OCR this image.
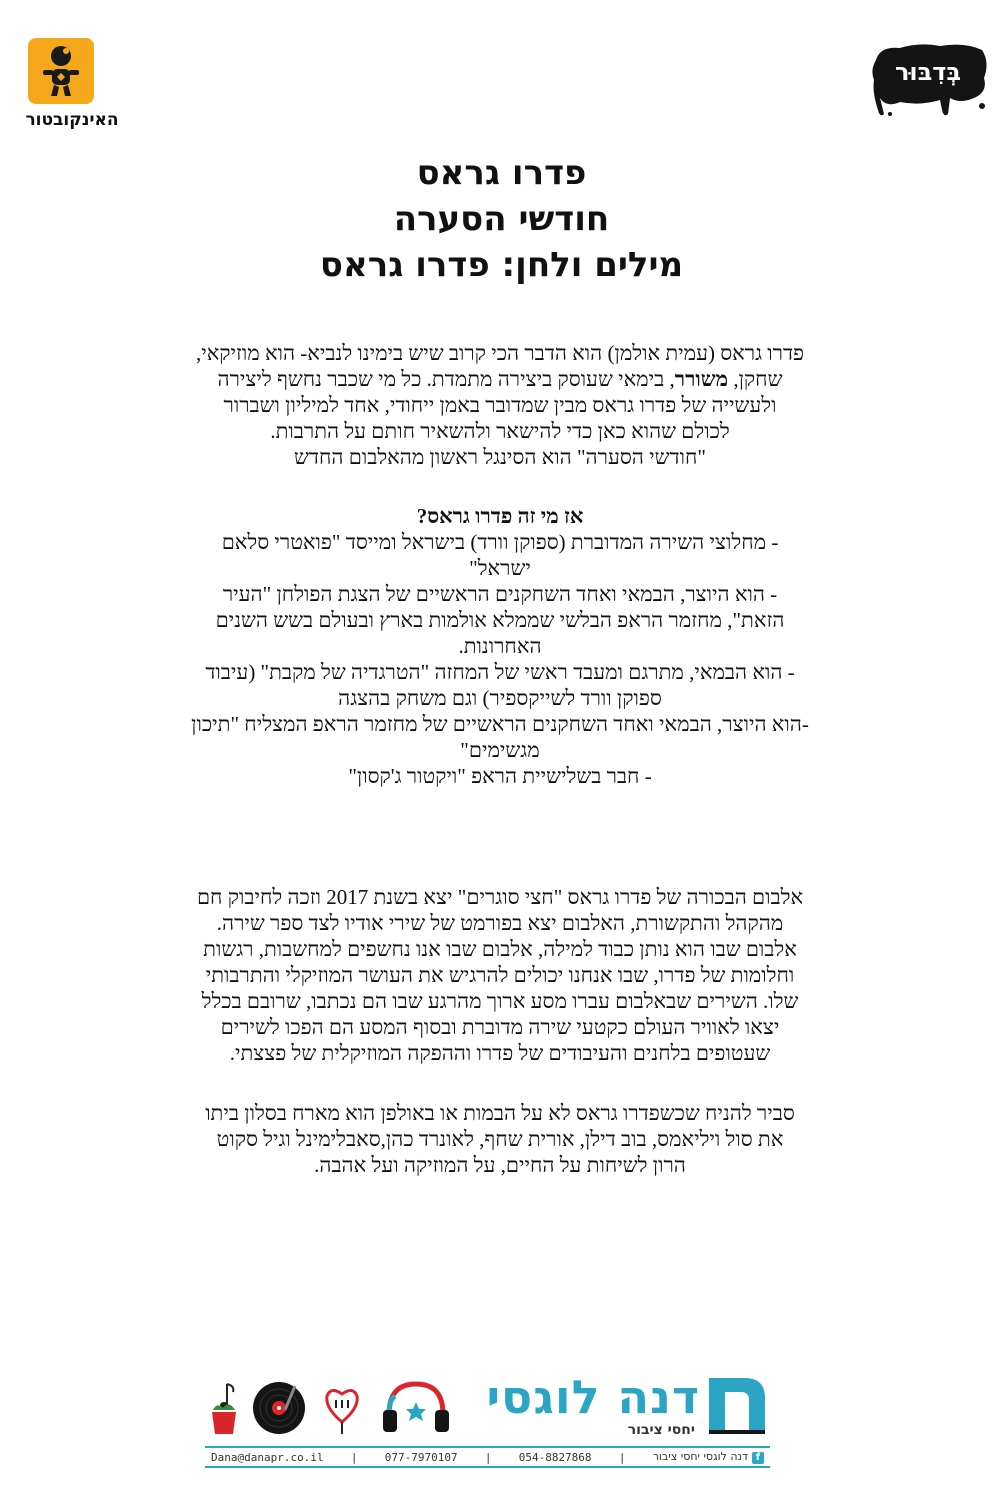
האינקובטור
בְּדִבּוּר
פדרו גראס
חודשי הסערה
מילים ולחן: פדרו גראס

פדרו גראס (עמית אולמן) הוא הדבר הכי קרוב שיש בימינו לנביא- הוא מוזיקאי,

שחקן, משורר, בימאי שעוסק ביצירה מתמדת. כל מי שכבר נחשף ליצירה

ולעשייה של פדרו גראס מבין שמדובר באמן ייחודי, אחד למיליון ושברור

לכולם שהוא כאן כדי להישאר ולהשאיר חותם על התרבות.

"חודשי הסערה" הוא הסינגל ראשון מהאלבום החדש

אז מי זה פדרו גראס?

- מחלוצי השירה המדוברת (ספוקן וורד) בישראל ומייסד "פואטרי סלאם

ישראל"

- הוא היוצר, הבמאי ואחד השחקנים הראשיים של הצגת הפולחן "העיר

הזאת", מחזמר הראפ הבלשי שממלא אולמות בארץ ובעולם בשש השנים

האחרונות.

- הוא הבמאי, מתרגם ומעבד ראשי של המחזה "הטרגדיה של מקבת" (עיבוד

ספוקן וורד לשייקספיר) וגם משחק בהצגה

-הוא היוצר, הבמאי ואחד השחקנים הראשיים של מחזמר הראפ המצליח "תיכון

מגשימים"

- חבר בשלישיית הראפ "ויקטור ג'קסון"

אלבום הבכורה של פדרו גראס "חצי סוגרים" יצא בשנת 2017 וזכה לחיבוק חם

מהקהל והתקשורת, האלבום יצא בפורמט של שירי אודיו לצד ספר שירה.

אלבום שבו הוא נותן כבוד למילה, אלבום שבו אנו נחשפים למחשבות, רגשות

וחלומות של פדרו, שבו אנחנו יכולים להרגיש את העושר המוזיקלי והתרבותי

שלו. השירים שבאלבום עברו מסע ארוך מהרגע שבו הם נכתבו, שרובם בכלל

יצאו לאוויר העולם כקטעי שירה מדוברת ובסוף המסע הם הפכו לשירים

שעטופים בלחנים והעיבודים של פדרו וההפקה המוזיקלית של פצצתי.

סביר להניח שכשפדרו גראס לא על הבמות או באולפן הוא מארח בסלון ביתו

את סול ויליאמס, בוב דילן, אורית שחף, לאונרד כהן,סאבלימינל וגיל סקוט

הרון לשיחות על החיים, על המוזיקה ועל אהבה.

דנה לוגסי
יחסי ציבור
Dana@danapr.co.il | 077-7970107 | 054-8827868 |	fדנה לוגסי יחסי ציבור
